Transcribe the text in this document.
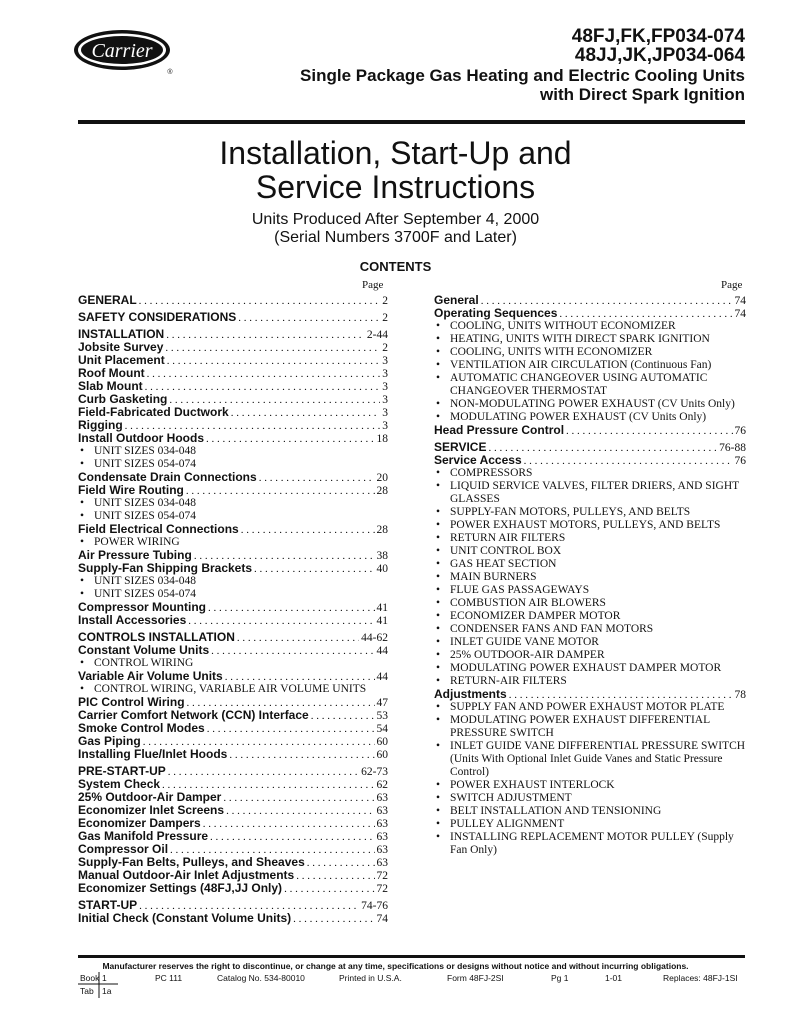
Carrier
®
48FJ,FK,FP034-074
48JJ,JK,JP034-064
Single Package Gas Heating and Electric Cooling Units
with Direct Spark Ignition
Installation, Start-Up and
Service Instructions
Units Produced After September 4, 2000
(Serial Numbers 3700F and Later)
CONTENTS
Page	Page
GENERAL . . .	2
SAFETY CONSIDERATIONS . . .	2
INSTALLATION . . .	2-44
Jobsite Survey . . .	2
Unit Placement . . .	3
Roof Mount . . .	3
Slab Mount . . .	3
Curb Gasketing . . .	3
Field-Fabricated Ductwork . . .	3
Rigging . . .	3
Install Outdoor Hoods . . .	18
• UNIT SIZES 034-048
• UNIT SIZES 054-074
Condensate Drain Connections . . .	20
Field Wire Routing . . .	28
• UNIT SIZES 034-048
• UNIT SIZES 054-074
Field Electrical Connections . . .	28
• POWER WIRING
Air Pressure Tubing . . .	38
Supply-Fan Shipping Brackets . . .	40
• UNIT SIZES 034-048
• UNIT SIZES 054-074
Compressor Mounting . . .	41
Install Accessories . . .	41
CONTROLS INSTALLATION . . .	44-62
Constant Volume Units . . .	44
• CONTROL WIRING
Variable Air Volume Units . . .	44
• CONTROL WIRING, VARIABLE AIR VOLUME UNITS
PIC Control Wiring . . .	47
Carrier Comfort Network (CCN) Interface . . .	53
Smoke Control Modes . . .	54
Gas Piping . . .	60
Installing Flue/Inlet Hoods . . .	60
PRE-START-UP . . .	62-73
System Check . . .	62
25% Outdoor-Air Damper . . .	63
Economizer Inlet Screens . . .	63
Economizer Dampers . . .	63
Gas Manifold Pressure . . .	63
Compressor Oil . . .	63
Supply-Fan Belts, Pulleys, and Sheaves . . .	63
Manual Outdoor-Air Inlet Adjustments . . .	72
Economizer Settings (48FJ,JJ Only) . . .	72
START-UP . . .	74-76
Initial Check (Constant Volume Units) . . .	74
General . . .	74
Operating Sequences . . .	74
• COOLING, UNITS WITHOUT ECONOMIZER
• HEATING, UNITS WITH DIRECT SPARK IGNITION
• COOLING, UNITS WITH ECONOMIZER
• VENTILATION AIR CIRCULATION (Continuous Fan)
• AUTOMATIC CHANGEOVER USING AUTOMATIC CHANGEOVER THERMOSTAT
• NON-MODULATING POWER EXHAUST (CV Units Only)
• MODULATING POWER EXHAUST (CV Units Only)
Head Pressure Control . . .	76
SERVICE . . .	76-88
Service Access . . .	76
• COMPRESSORS
• LIQUID SERVICE VALVES, FILTER DRIERS, AND SIGHT GLASSES
• SUPPLY-FAN MOTORS, PULLEYS, AND BELTS
• POWER EXHAUST MOTORS, PULLEYS, AND BELTS
• RETURN AIR FILTERS
• UNIT CONTROL BOX
• GAS HEAT SECTION
• MAIN BURNERS
• FLUE GAS PASSAGEWAYS
• COMBUSTION AIR BLOWERS
• ECONOMIZER DAMPER MOTOR
• CONDENSER FANS AND FAN MOTORS
• INLET GUIDE VANE MOTOR
• 25% OUTDOOR-AIR DAMPER
• MODULATING POWER EXHAUST DAMPER MOTOR
• RETURN-AIR FILTERS
Adjustments . . .	78
• SUPPLY FAN AND POWER EXHAUST MOTOR PLATE
• MODULATING POWER EXHAUST DIFFERENTIAL PRESSURE SWITCH
• INLET GUIDE VANE DIFFERENTIAL PRESSURE SWITCH (Units With Optional Inlet Guide Vanes and Static Pressure Control)
• POWER EXHAUST INTERLOCK
• SWITCH ADJUSTMENT
• BELT INSTALLATION AND TENSIONING
• PULLEY ALIGNMENT
• INSTALLING REPLACEMENT MOTOR PULLEY (Supply Fan Only)
Manufacturer reserves the right to discontinue, or change at any time, specifications or designs without notice and without incurring obligations.
Book 1
Tab 1a
PC 111	Catalog No. 534-80010	Printed in U.S.A.	Form 48FJ-2SI	Pg 1	1-01	Replaces: 48FJ-1SI
